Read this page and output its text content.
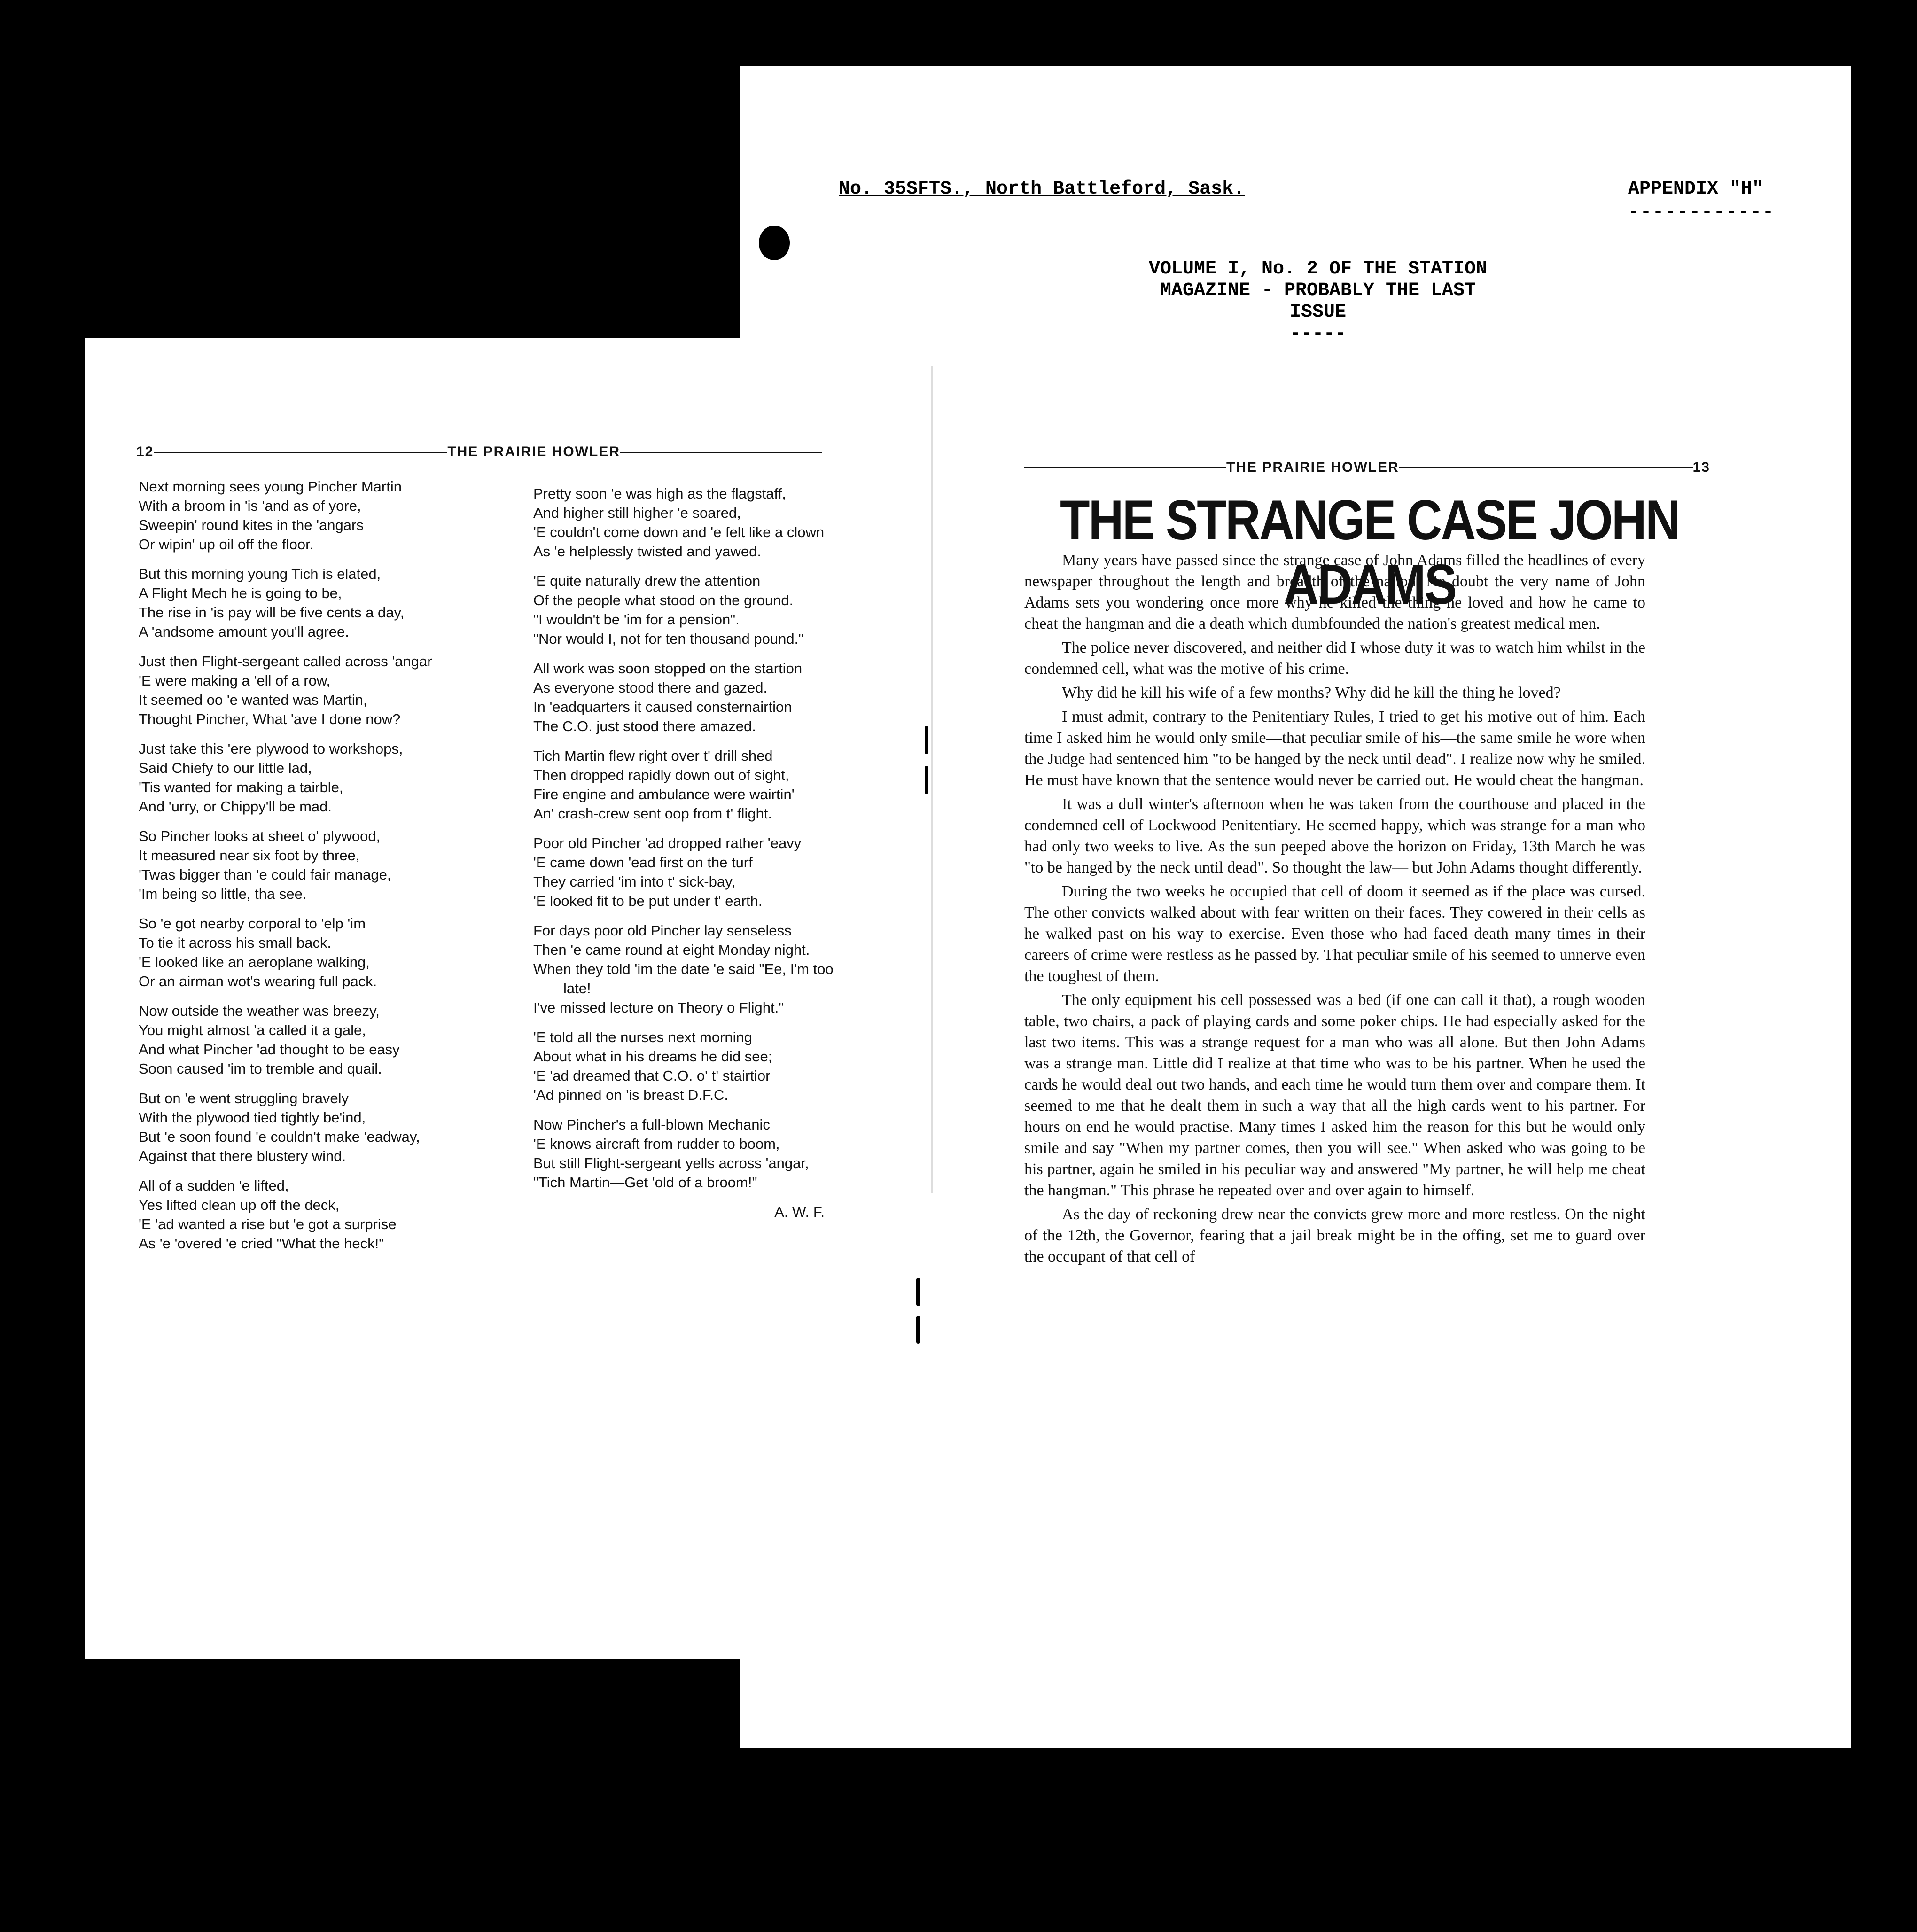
No. 35SFTS., North Battleford, Sask.	APPENDIX "H"
------------
VOLUME I, No. 2 OF THE STATION
MAGAZINE - PROBABLY THE LAST
ISSUE
-----
12	THE PRAIRIE HOWLER

Next morning sees young Pincher Martin

With a broom in 'is 'and as of yore,

Sweepin' round kites in the 'angars

Or wipin' up oil off the floor.

But this morning young Tich is elated,

A Flight Mech he is going to be,

The rise in 'is pay will be five cents a day,

A 'andsome amount you'll agree.

Just then Flight-sergeant called across 'angar

'E were making a 'ell of a row,

It seemed oo 'e wanted was Martin,

Thought Pincher, What 'ave I done now?

Just take this 'ere plywood to workshops,

Said Chiefy to our little lad,

'Tis wanted for making a tairble,

And 'urry, or Chippy'll be mad.

So Pincher looks at sheet o' plywood,

It measured near six foot by three,

'Twas bigger than 'e could fair manage,

'Im being so little, tha see.

So 'e got nearby corporal to 'elp 'im

To tie it across his small back.

'E looked like an aeroplane walking,

Or an airman wot's wearing full pack.

Now outside the weather was breezy,

You might almost 'a called it a gale,

And what Pincher 'ad thought to be easy

Soon caused 'im to tremble and quail.

But on 'e went struggling bravely

With the plywood tied tightly be'ind,

But 'e soon found 'e couldn't make 'eadway,

Against that there blustery wind.

All of a sudden 'e lifted,

Yes lifted clean up off the deck,

'E 'ad wanted a rise but 'e got a surprise

As 'e 'overed 'e cried "What the heck!"

Pretty soon 'e was high as the flagstaff,

And higher still higher 'e soared,

'E couldn't come down and 'e felt like a clown

As 'e helplessly twisted and yawed.

'E quite naturally drew the attention

Of the people what stood on the ground.

"I wouldn't be 'im for a pension".

"Nor would I, not for ten thousand pound."

All work was soon stopped on the startion

As everyone stood there and gazed.

In 'eadquarters it caused consternairtion

The C.O. just stood there amazed.

Tich Martin flew right over t' drill shed

Then dropped rapidly down out of sight,

Fire engine and ambulance were wairtin'

An' crash-crew sent oop from t' flight.

Poor old Pincher 'ad dropped rather 'eavy

'E came down 'ead first on the turf

They carried 'im into t' sick-bay,

'E looked fit to be put under t' earth.

For days poor old Pincher lay senseless

Then 'e came round at eight Monday night.

When they told 'im the date 'e said "Ee, I'm too late!

I've missed lecture on Theory o Flight."

'E told all the nurses next morning

About what in his dreams he did see;

'E 'ad dreamed that C.O. o' t' stairtior

'Ad pinned on 'is breast D.F.C.

Now Pincher's a full-blown Mechanic

'E knows aircraft from rudder to boom,

But still Flight-sergeant yells across 'angar,

"Tich Martin—Get 'old of a broom!"

A. W. F.

THE PRAIRIE HOWLER	13
THE STRANGE CASE JOHN ADAMS

Many years have passed since the strange case of John Adams filled the headlines of every newspaper throughout the length and breadth of the nation. No doubt the very name of John Adams sets you wondering once more why he killed the thing he loved and how he came to cheat the hangman and die a death which dumbfounded the nation's greatest medical men.

The police never discovered, and neither did I whose duty it was to watch him whilst in the condemned cell, what was the motive of his crime.

Why did he kill his wife of a few months? Why did he kill the thing he loved?

I must admit, contrary to the Penitentiary Rules, I tried to get his motive out of him. Each time I asked him he would only smile—that peculiar smile of his—the same smile he wore when the Judge had sentenced him "to be hanged by the neck until dead". I realize now why he smiled. He must have known that the sentence would never be carried out. He would cheat the hangman.

It was a dull winter's afternoon when he was taken from the courthouse and placed in the condemned cell of Lockwood Penitentiary. He seemed happy, which was strange for a man who had only two weeks to live. As the sun peeped above the horizon on Friday, 13th March he was "to be hanged by the neck until dead". So thought the law— but John Adams thought differently.

During the two weeks he occupied that cell of doom it seemed as if the place was cursed. The other convicts walked about with fear written on their faces. They cowered in their cells as he walked past on his way to exercise. Even those who had faced death many times in their careers of crime were restless as he passed by. That peculiar smile of his seemed to unnerve even the toughest of them.

The only equipment his cell possessed was a bed (if one can call it that), a rough wooden table, two chairs, a pack of playing cards and some poker chips. He had especially asked for the last two items. This was a strange request for a man who was all alone. But then John Adams was a strange man. Little did I realize at that time who was to be his partner. When he used the cards he would deal out two hands, and each time he would turn them over and compare them. It seemed to me that he dealt them in such a way that all the high cards went to his partner. For hours on end he would practise. Many times I asked him the reason for this but he would only smile and say "When my partner comes, then you will see." When asked who was going to be his partner, again he smiled in his peculiar way and answered "My partner, he will help me cheat the hangman." This phrase he repeated over and over again to himself.

As the day of reckoning drew near the convicts grew more and more restless. On the night of the 12th, the Governor, fearing that a jail break might be in the offing, set me to guard over the occupant of that cell of
